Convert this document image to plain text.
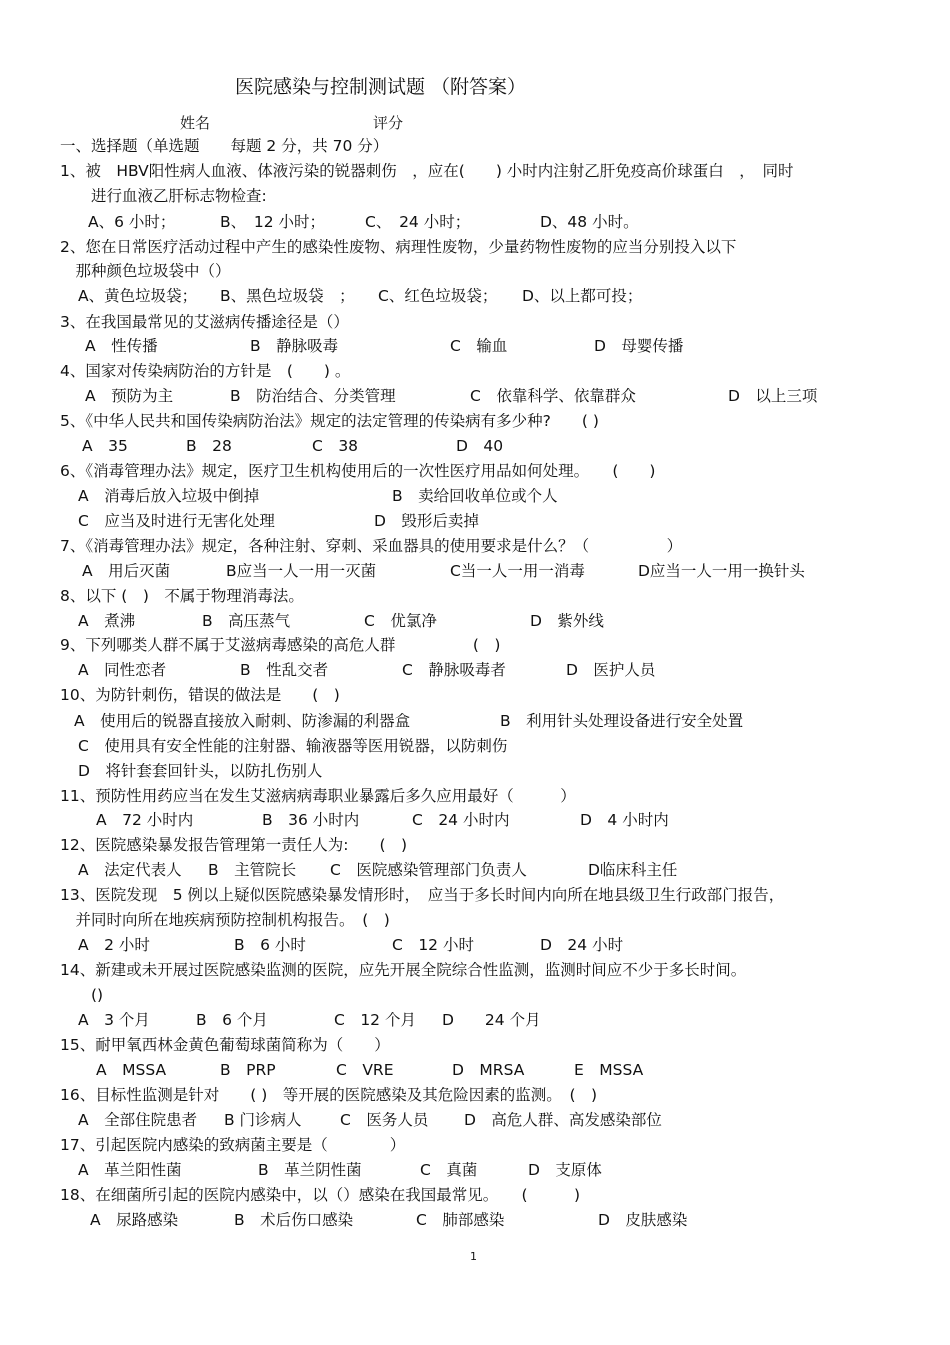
医院感染与控制测试题 （附答案）
姓名	评分
一、选择题（单选题　　每题 2 分，共 70 分）
1、被　HBV阳性病人血液、体液污染的锐器刺伤　，应在(　　) 小时内注射乙肝免疫高价球蛋白　，　同时
　　进行血液乙肝标志物检查:
A、6 小时；	B、　12 小时；	C、　24 小时；	D、48 小时。
2、您在日常医疗活动过程中产生的感染性废物、病理性废物，少量药物性废物的应当分别投入以下
　那种颜色垃圾袋中（）
A、黄色垃圾袋； B、黑色垃圾袋　； C、红色垃圾袋； D、以上都可投；
3、在我国最常见的艾滋病传播途径是（）
A　性传播	B　静脉吸毒	C　输血	D　母婴传播
4、国家对传染病防治的方针是　(　　) 。
A　预防为主	B　防治结合、分类管理	C　依靠科学、依靠群众	D　以上三项
5、《中华人民共和国传染病防治法》规定的法定管理的传染病有多少种?　　( )
A　35	B　28	C　38	D　40
6、《消毒管理办法》规定，医疗卫生机构使用后的一次性医疗用品如何处理。　　(　　)
A　消毒后放入垃圾中倒掉	B　卖给回收单位或个人
C　应当及时进行无害化处理	D　毁形后卖掉
7、《消毒管理办法》规定，各种注射、穿刺、采血器具的使用要求是什么？（　　　　　）
A　用后灭菌	B应当一人一用一灭菌	C当一人一用一消毒	D应当一人一用一换针头
8、以下 (　)　不属于物理消毒法。
A　煮沸	B　高压蒸气	C　优氯净	D　紫外线
9、下列哪类人群不属于艾滋病毒感染的高危人群　　　　　(　)
A　同性恋者	B　性乱交者	C　静脉吸毒者	D　医护人员
10、为防针刺伤，错误的做法是　　(　)
A　使用后的锐器直接放入耐刺、防渗漏的利器盒	B　利用针头处理设备进行安全处置
C　使用具有安全性能的注射器、输液器等医用锐器，以防刺伤
D　将针套套回针头，以防扎伤别人
11、预防性用药应当在发生艾滋病病毒职业暴露后多久应用最好（　　　）
A　72 小时内	B　36 小时内	C　24 小时内	D　4 小时内
12、医院感染暴发报告管理第一责任人为:　　(　)
A　法定代表人 B　主管院长 C　医院感染管理部门负责人	D临床科主任
13、医院发现　5 例以上疑似医院感染暴发情形时，　应当于多长时间内向所在地县级卫生行政部门报告，
　并同时向所在地疾病预防控制机构报告。　(　)
A　2 小时	B　6 小时	C　12 小时	D　24 小时
14、新建或未开展过医院感染监测的医院，应先开展全院综合性监测，监测时间应不少于多长时间。
　　()
A　3 个月	B　6 个月	C　12 个月 D　　24 个月
15、耐甲氧西林金黄色葡萄球菌简称为（　　）
A　MSSA	B　PRP	C　VRE	D　MRSA	E　MSSA
16、目标性监测是针对　　( )　等开展的医院感染及其危险因素的监测。　(　)
A　全部住院患者 B 门诊病人 C　医务人员 D　高危人群、高发感染部位
17、引起医院内感染的致病菌主要是（　　　　）
A　革兰阳性菌	B　革兰阴性菌	C　真菌	D　支原体
18、在细菌所引起的医院内感染中，以（）感染在我国最常见。　　(　　　)
A　尿路感染	B　术后伤口感染	C　肺部感染	D　皮肤感染
1
